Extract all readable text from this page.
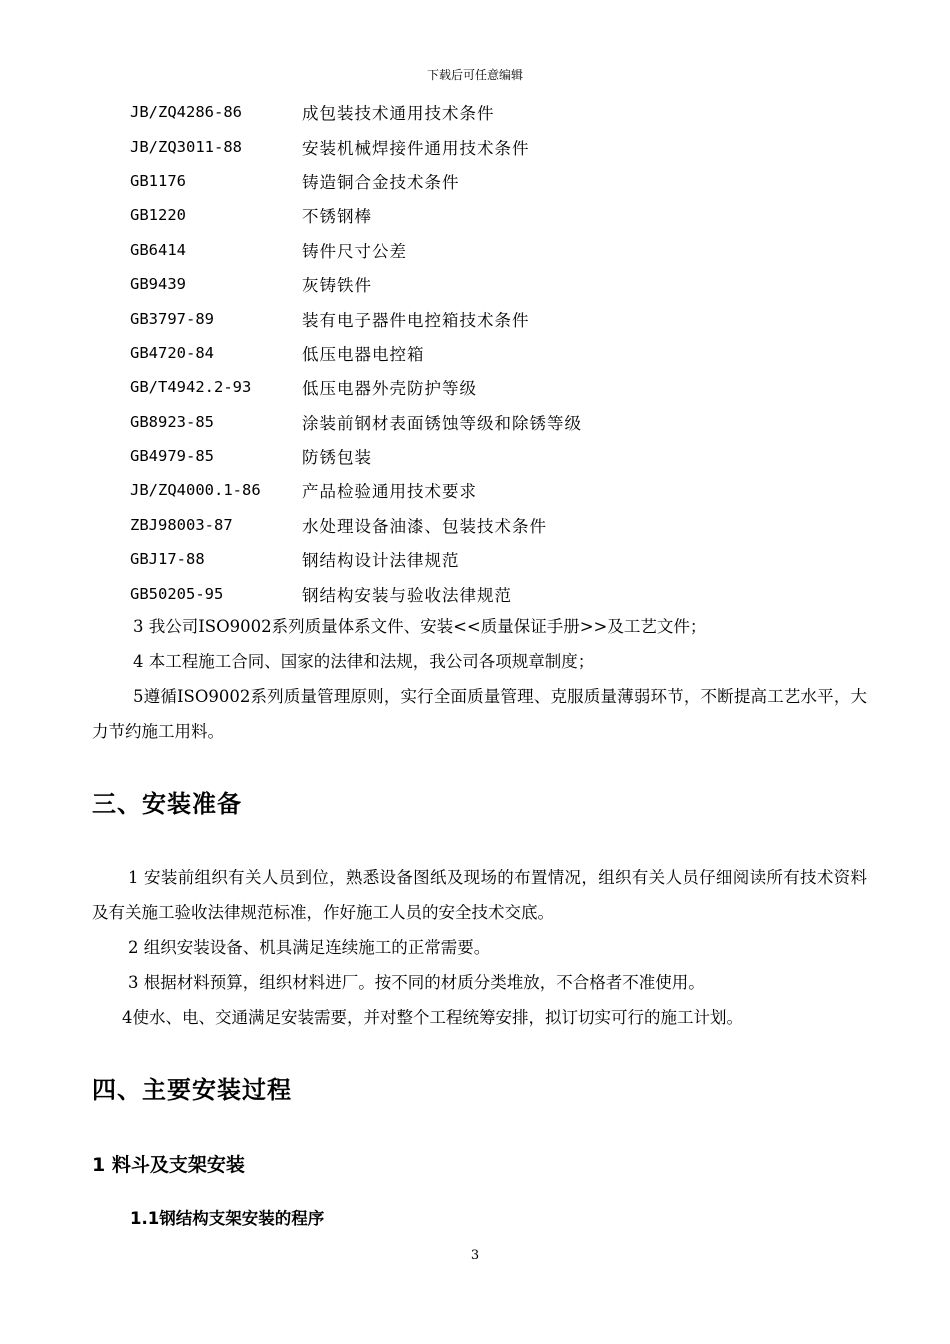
下载后可任意编辑
JB/ZQ4286-86	成包装技术通用技术条件
JB/ZQ3011-88	安装机械焊接件通用技术条件
GB1176	铸造铜合金技术条件
GB1220	不锈钢棒
GB6414	铸件尺寸公差
GB9439	灰铸铁件
GB3797-89	装有电子器件电控箱技术条件
GB4720-84	低压电器电控箱
GB/T4942.2-93	低压电器外壳防护等级
GB8923-85	涂装前钢材表面锈蚀等级和除锈等级
GB4979-85	防锈包装
JB/ZQ4000.1-86	产品检验通用技术要求
ZBJ98003-87	水处理设备油漆、包装技术条件
GBJ17-88	钢结构设计法律规范
GB50205-95	钢结构安装与验收法律规范

3 我公司ISO9002系列质量体系文件、安装<<质量保证手册>>及工艺文件；

4 本工程施工合同、国家的法律和法规，我公司各项规章制度；

5遵循ISO9002系列质量管理原则，实行全面质量管理、克服质量薄弱环节，不断提高工艺水平，大力节约施工用料。

三、安装准备

1 安装前组织有关人员到位，熟悉设备图纸及现场的布置情况，组织有关人员仔细阅读所有技术资料及有关施工验收法律规范标准，作好施工人员的安全技术交底。

2 组织安装设备、机具满足连续施工的正常需要。

3 根据材料预算，组织材料进厂。按不同的材质分类堆放，不合格者不准使用。

4使水、电、交通满足安装需要，并对整个工程统筹安排，拟订切实可行的施工计划。

四、主要安装过程
1 料斗及支架安装
1.1钢结构支架安装的程序
3
